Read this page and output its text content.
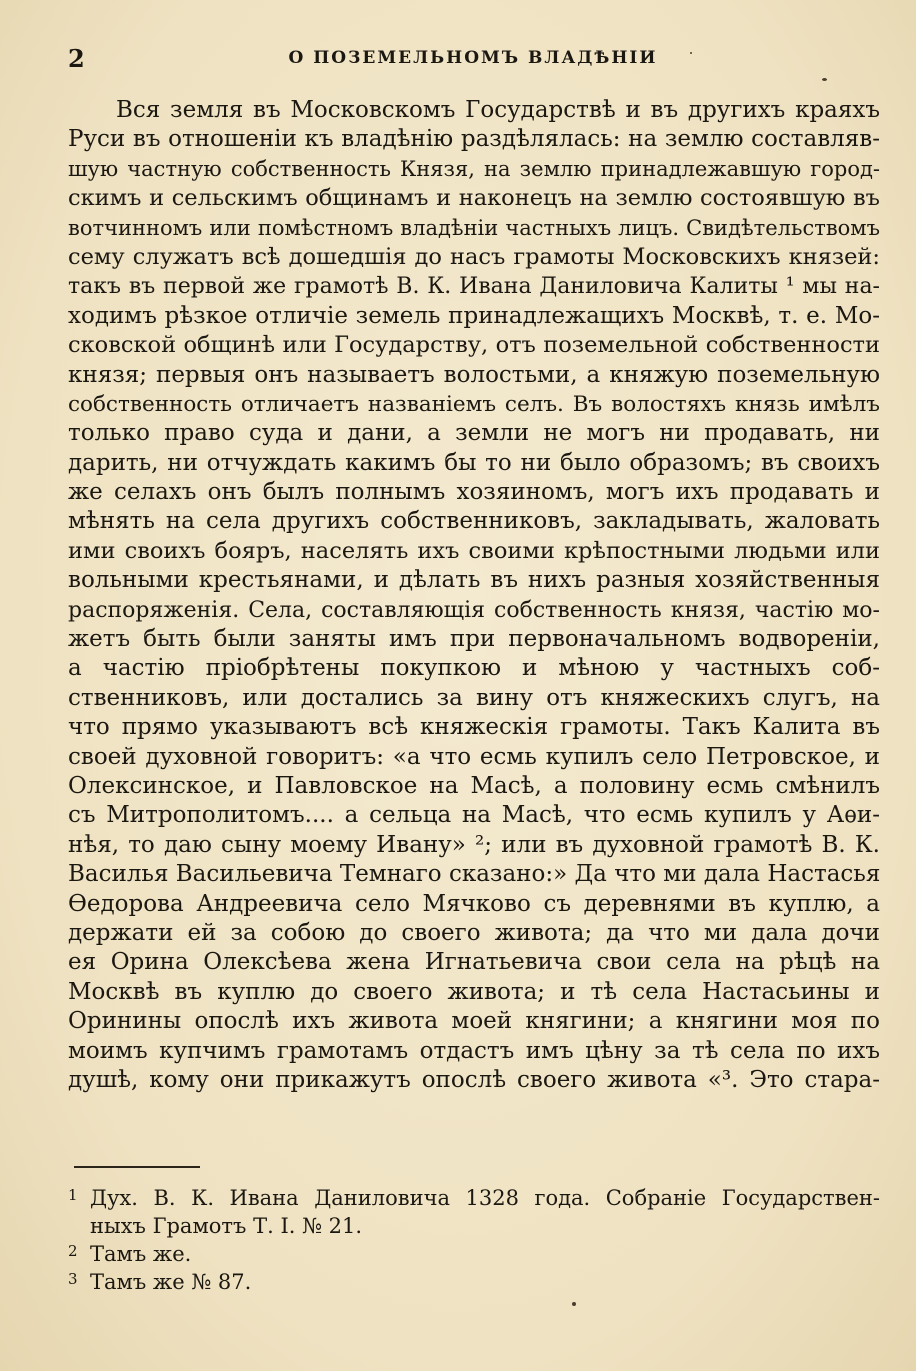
2	О ПОЗЕМЕЛЬНОМЪ ВЛАДѢНІИ
Вся земля въ Московскомъ Государствѣ и въ другихъ краяхъ
Руси въ отношеніи къ владѣнію раздѣлялась: на землю составляв-
шую частную собственность Князя, на землю принадлежавшую город-
скимъ и сельскимъ общинамъ и наконецъ на землю состоявшую въ
вотчинномъ или помѣстномъ владѣніи частныхъ лицъ. Свидѣтельствомъ
сему служатъ всѣ дошедшія до насъ грамоты Московскихъ князей:
такъ въ первой же грамотѣ В. К. Ивана Даниловича Калиты ¹ мы на-
ходимъ рѣзкое отличіе земель принадлежащихъ Москвѣ, т. е. Мо-
сковской общинѣ или Государству, отъ поземельной собственности
князя; первыя онъ называетъ волостьми, а княжую поземельную
собственность отличаетъ названіемъ селъ. Въ волостяхъ князь имѣлъ
только право суда и дани, а земли не могъ ни продавать, ни
дарить, ни отчуждать какимъ бы то ни было образомъ; въ своихъ
же селахъ онъ былъ полнымъ хозяиномъ, могъ ихъ продавать и
мѣнять на села другихъ собственниковъ, закладывать, жаловать
ими своихъ бояръ, населять ихъ своими крѣпостными людьми или
вольными крестьянами, и дѣлать въ нихъ разныя хозяйственныя
распоряженія. Села, составляющія собственность князя, частію мо-
жетъ быть были заняты имъ при первоначальномъ водвореніи,
а частію пріобрѣтены покупкою и мѣною у частныхъ соб-
ственниковъ, или достались за вину отъ княжескихъ слугъ, на
что прямо указываютъ всѣ княжескія грамоты. Такъ Калита въ
своей духовной говоритъ: «а что есмь купилъ село Петровское, и
Олексинское, и Павловское на Масѣ, а половину есмь смѣнилъ
съ Митрополитомъ.... а сельца на Масѣ, что есмь купилъ у Аѳи-
нѣя, то даю сыну моему Ивану» ²; или въ духовной грамотѣ В. К.
Василья Васильевича Темнаго сказано:» Да что ми дала Настасья
Ѳедорова Андреевича село Мячково съ деревнями въ куплю, а
держати ей за собою до своего живота; да что ми дала дочи
ея Орина Олексѣева жена Игнатьевича свои села на рѣцѣ на
Москвѣ въ куплю до своего живота; и тѣ села Настасьины и
Оринины опослѣ ихъ живота моей княгини; а княгини моя по
моимъ купчимъ грамотамъ отдастъ имъ цѣну за тѣ села по ихъ
душѣ, кому они прикажутъ опослѣ своего живота «³. Это стара-
1 Дух. В. К. Ивана Даниловича 1328 года. Собраніе Государствен-
ныхъ Грамотъ Т. I. № 21.
2 Тамъ же.
3 Тамъ же № 87.
